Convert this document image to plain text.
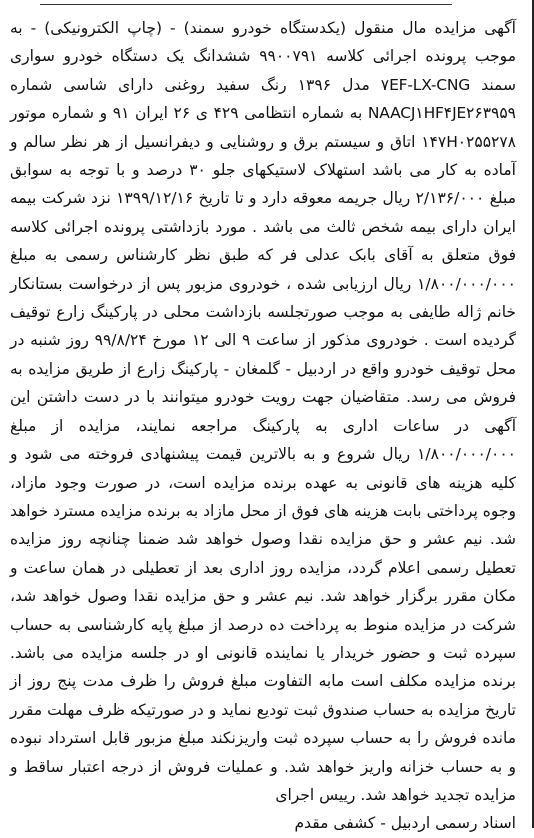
آگهی مزایده مال منقول (یکدستگاه خودرو سمند) - (چاپ الکترونیکی) - به موجب پرونده اجرائی کلاسه ۹۹۰۰۷۹۱ ششدانگ یک دستگاه خودرو سواری سمند ۷EF-LX-CNG مدل ۱۳۹۶ رنگ سفید روغنی دارای شاسی شماره NAACJ۱HF۴JE۲۶۳۹۵۹ به شماره انتظامی ۴۲۹ ی ۲۶ ایران ۹۱ و شماره موتور ۱۴۷H۰۲۵۵۲۷۸ اتاق و سیستم برق و روشنایی و دیفرانسیل از هر نظر سالم و آماده به کار می باشد استهلاک لاستیکهای جلو ۳۰ درصد و با توجه به سوابق مبلغ ۲/۱۳۶/۰۰۰ ریال جریمه معوقه دارد و تا تاریخ ۱۳۹۹/۱۲/۱۶ نزد شرکت بیمه ایران دارای بیمه شخص ثالث می باشد . مورد بازداشتی پرونده اجرائی کلاسه فوق متعلق به آقای بابک عدلی فر که طبق نظر کارشناس رسمی به مبلغ ۱/۸۰۰/۰۰۰/۰۰۰ ریال ارزیابی شده ، خودروی مزبور پس از درخواست بستانکار خانم ژاله طایفی به موجب صورتجلسه بازداشت محلی در پارکینگ زارع توقیف گردیده است . خودروی مذکور از ساعت ۹ الی ۱۲ مورخ ۹۹/۸/۲۴ روز شنبه در محل توقیف خودرو واقع در اردبیل - گلمغان - پارکینگ زارع از طریق مزایده به فروش می رسد. متقاضیان جهت رویت خودرو میتوانند با در دست داشتن این آگهی در ساعات اداری به پارکینگ مراجعه نمایند، مزایده از مبلغ ۱/۸۰۰/۰۰۰/۰۰۰ ریال شروع و به بالاترین قیمت پیشنهادی فروخته می شود و کلیه هزینه های قانونی به عهده برنده مزایده است، در صورت وجود مازاد، وجوه پرداختی بابت هزینه های فوق از محل مازاد به برنده مزایده مسترد خواهد شد. نیم عشر و حق مزایده نقدا وصول خواهد شد ضمنا چنانچه روز مزایده تعطیل رسمی اعلام گردد، مزایده روز اداری بعد از تعطیلی در همان ساعت و مکان مقرر برگزار خواهد شد. نیم عشر و حق مزایده نقدا وصول خواهد شد، شرکت در مزایده منوط به پرداخت ده درصد از مبلغ پایه کارشناسی به حساب سپرده ثبت و حضور خریدار یا نماینده قانونی او در جلسه مزایده می باشد. برنده مزایده مکلف است مابه التفاوت مبلغ فروش را ظرف مدت پنج روز از تاریخ مزایده به حساب صندوق ثبت تودیع نماید و در صورتیکه ظرف مهلت مقرر مانده فروش را به حساب سپرده ثبت واریزنکند مبلغ مزبور قابل استرداد نبوده و به حساب خزانه واریز خواهد شد. و عملیات فروش از درجه اعتبار ساقط و مزایده تجدید خواهد شد. رییس اجرای

اسناد رسمی اردبیل - کشفی مقدم
